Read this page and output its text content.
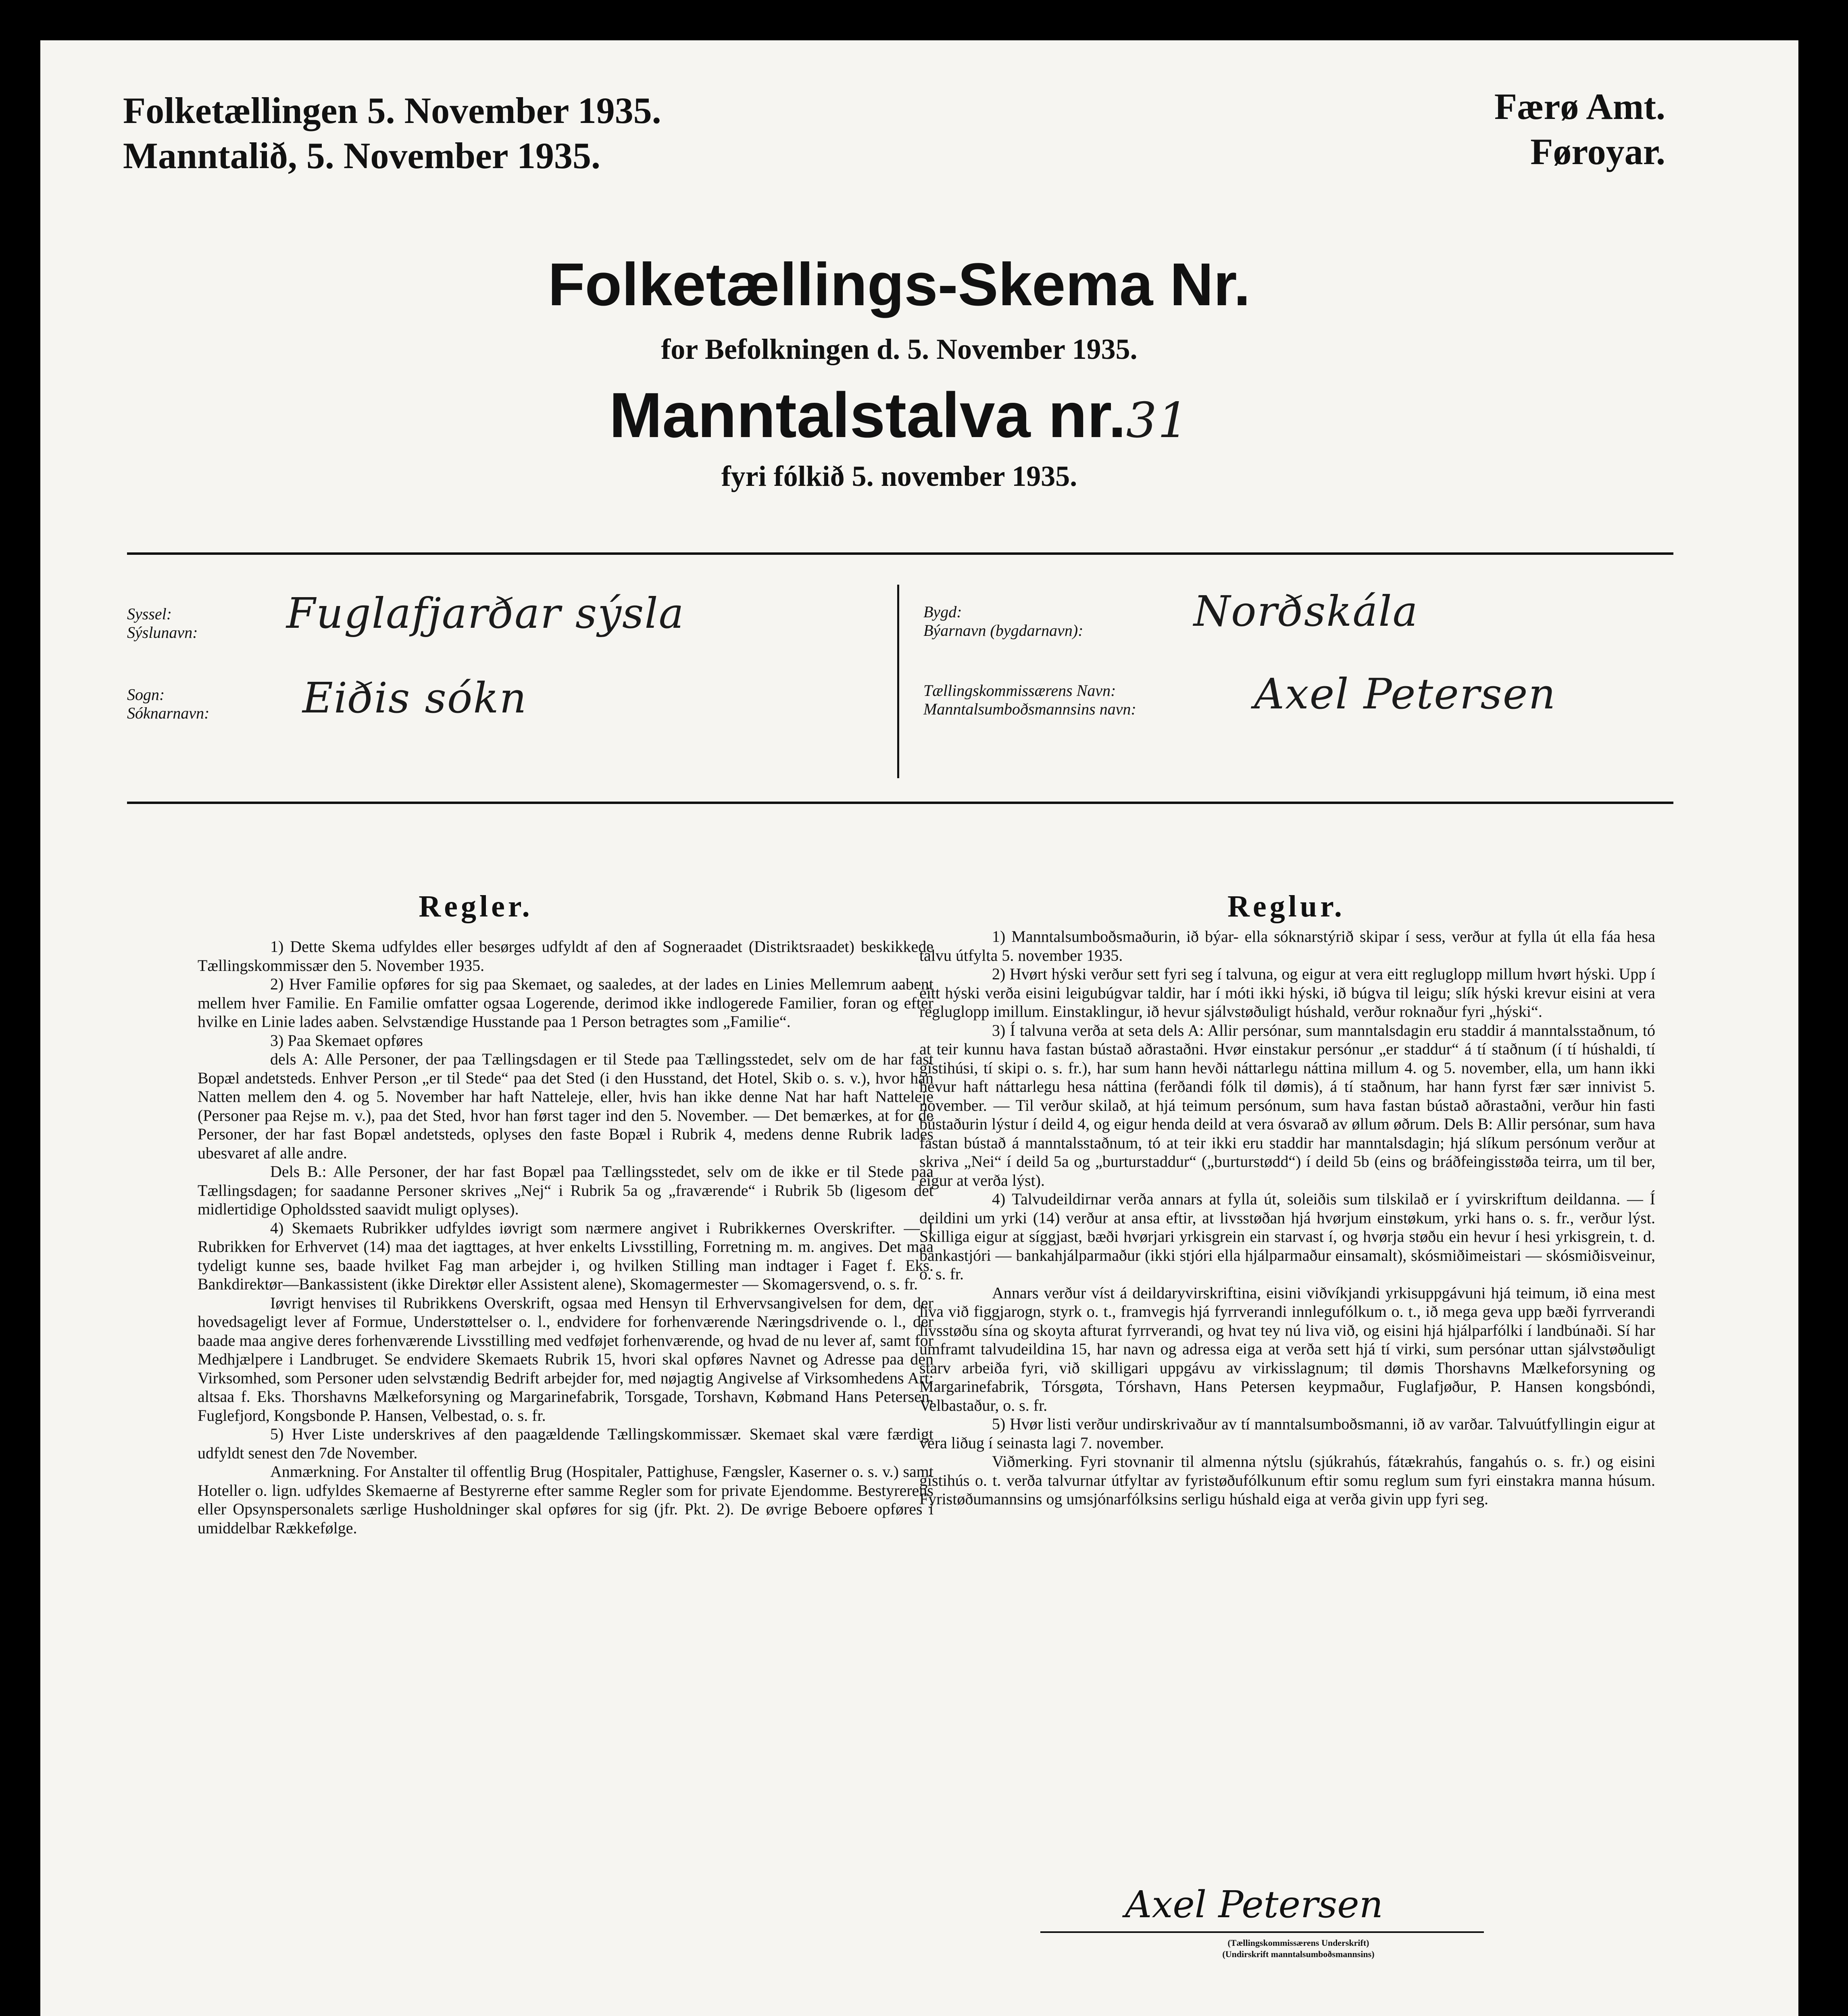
Folketællingen 5. November 1935.
Manntalið, 5. November 1935.
Færø Amt.
Føroyar.
Folketællings-Skema Nr.
for Befolkningen d. 5. November 1935.
Manntalstalva nr.31
fyri fólkið 5. november 1935.
Syssel:
Sýslunavn: Fuglafjarðar sýsla
Sogn:
Sóknarnavn: Eiðis sókn
Bygd:
Býarnavn (bygdarnavn):	Norðskála
Tællingskommissærens Navn:
Manntalsumboðsmannsins navn:	Axel Petersen
Regler.

1) Dette Skema udfyldes eller besørges udfyldt af den af Sogneraadet (Distriktsraadet) beskikkede Tællingskommissær den 5. November 1935.

2) Hver Familie opføres for sig paa Skemaet, og saaledes, at der lades en Linies Mellemrum aabent mellem hver Familie. En Familie omfatter ogsaa Logerende, derimod ikke indlogerede Familier, foran og efter hvilke en Linie lades aaben. Selvstændige Husstande paa 1 Person betragtes som „Familie“.

3) Paa Skemaet opføres

dels A: Alle Personer, der paa Tællingsdagen er til Stede paa Tællingsstedet, selv om de har fast Bopæl andetsteds. Enhver Person „er til Stede“ paa det Sted (i den Husstand, det Hotel, Skib o. s. v.), hvor han Natten mellem den 4. og 5. November har haft Natteleje, eller, hvis han ikke denne Nat har haft Natteleje (Personer paa Rejse m. v.), paa det Sted, hvor han først tager ind den 5. November. — Det bemærkes, at for de Personer, der har fast Bopæl andetsteds, oplyses den faste Bopæl i Rubrik 4, medens denne Rubrik lades ubesvaret af alle andre.

Dels B.: Alle Personer, der har fast Bopæl paa Tællingsstedet, selv om de ikke er til Stede paa Tællingsdagen; for saadanne Personer skrives „Nej“ i Rubrik 5a og „fraværende“ i Rubrik 5b (ligesom det midlertidige Opholdssted saavidt muligt oplyses).

4) Skemaets Rubrikker udfyldes iøvrigt som nærmere angivet i Rubrikkernes Overskrifter. — I Rubrikken for Erhvervet (14) maa det iagttages, at hver enkelts Livsstilling, Forretning m. m. angives. Det maa tydeligt kunne ses, baade hvilket Fag man arbejder i, og hvilken Stilling man indtager i Faget f. Eks. Bankdirektør—Bankassistent (ikke Direktør eller Assistent alene), Skomagermester — Skomagersvend, o. s. fr.

Iøvrigt henvises til Rubrikkens Overskrift, ogsaa med Hensyn til Erhvervsangivelsen for dem, der hovedsageligt lever af Formue, Understøttelser o. l., endvidere for forhenværende Næringsdrivende o. l., der baade maa angive deres forhenværende Livsstilling med vedføjet forhenværende, og hvad de nu lever af, samt for Medhjælpere i Landbruget. Se endvidere Skemaets Rubrik 15, hvori skal opføres Navnet og Adresse paa den Virksomhed, som Personer uden selvstændig Bedrift arbejder for, med nøjagtig Angivelse af Virksomhedens Art; altsaa f. Eks. Thorshavns Mælkeforsyning og Margarinefabrik, Torsgade, Torshavn, Købmand Hans Petersen, Fuglefjord, Kongsbonde P. Hansen, Velbestad, o. s. fr.

5) Hver Liste underskrives af den paagældende Tællingskommissær. Skemaet skal være færdigt udfyldt senest den 7de November.

Anmærkning. For Anstalter til offentlig Brug (Hospitaler, Pattighuse, Fængsler, Kaserner o. s. v.) samt Hoteller o. lign. udfyldes Skemaerne af Bestyrerne efter samme Regler som for private Ejendomme. Bestyrerens eller Opsynspersonalets særlige Husholdninger skal opføres for sig (jfr. Pkt. 2). De øvrige Beboere opføres i umiddelbar Rækkefølge.

Reglur.

1) Manntalsumboðsmaðurin, ið býar- ella sóknarstýrið skipar í sess, verður at fylla út ella fáa hesa talvu útfylta 5. november 1935.

2) Hvørt hýski verður sett fyri seg í talvuna, og eigur at vera eitt regluglopp millum hvørt hýski. Upp í eitt hýski verða eisini leigubúgvar taldir, har í móti ikki hýski, ið búgva til leigu; slík hýski krevur eisini at vera regluglopp imillum. Einstaklingur, ið hevur sjálvstøðuligt húshald, verður roknaður fyri „hýski“.

3) Í talvuna verða at seta dels A: Allir persónar, sum manntalsdagin eru staddir á manntalsstaðnum, tó at teir kunnu hava fastan bústað aðrastaðni. Hvør einstakur persónur „er staddur“ á tí staðnum (í tí húshaldi, tí gistihúsi, tí skipi o. s. fr.), har sum hann hevði náttarlegu náttina millum 4. og 5. november, ella, um hann ikki hevur haft náttarlegu hesa náttina (ferðandi fólk til dømis), á tí staðnum, har hann fyrst fær sær innivist 5. november. — Til verður skilað, at hjá teimum persónum, sum hava fastan bústað aðrastaðni, verður hin fasti bústaðurin lýstur í deild 4, og eigur henda deild at vera ósvarað av øllum øðrum. Dels B: Allir persónar, sum hava fastan bústað á manntalsstaðnum, tó at teir ikki eru staddir har manntalsdagin; hjá slíkum persónum verður at skriva „Nei“ í deild 5a og „burturstaddur“ („burturstødd“) í deild 5b (eins og bráðfeingisstøða teirra, um til ber, eigur at verða lýst).

4) Talvudeildirnar verða annars at fylla út, soleiðis sum tilskilað er í yvirskriftum deildanna. — Í deildini um yrki (14) verður at ansa eftir, at livsstøðan hjá hvørjum einstøkum, yrki hans o. s. fr., verður lýst. Skilliga eigur at síggjast, bæði hvørjari yrkisgrein ein starvast í, og hvørja støðu ein hevur í hesi yrkisgrein, t. d. bankastjóri — bankahjálparmaður (ikki stjóri ella hjálparmaður einsamalt), skósmiðimeistari — skósmiðisveinur, o. s. fr.

Annars verður víst á deildaryvirskriftina, eisini viðvíkjandi yrkisuppgávuni hjá teimum, ið eina mest liva við figgjarogn, styrk o. t., framvegis hjá fyrrverandi innlegufólkum o. t., ið mega geva upp bæði fyrrverandi lívsstøðu sína og skoyta afturat fyrrverandi, og hvat tey nú liva við, og eisini hjá hjálparfólki í landbúnaði. Sí har umframt talvudeildina 15, har navn og adressa eiga at verða sett hjá tí virki, sum persónar uttan sjálvstøðuligt starv arbeiða fyri, við skilligari uppgávu av virkisslagnum; til dømis Thorshavns Mælkeforsyning og Margarinefabrik, Tórsgøta, Tórshavn, Hans Petersen keypmaður, Fuglafjøður, P. Hansen kongsbóndi, Velbastaður, o. s. fr.

5) Hvør listi verður undirskrivaður av tí manntalsumboðsmanni, ið av varðar. Talvuútfyllingin eigur at vera liðug í seinasta lagi 7. november.

Viðmerking. Fyri stovnanir til almenna nýtslu (sjúkrahús, fátækrahús, fangahús o. s. fr.) og eisini gistihús o. t. verða talvurnar útfyltar av fyristøðufólkunum eftir somu reglum sum fyri einstakra manna húsum. Fyristøðumannsins og umsjónarfólksins serligu húshald eiga at verða givin upp fyri seg.

Axel Petersen
(Tællingskommissærens Underskrift)
(Undirskrift manntalsumboðsmannsins)
